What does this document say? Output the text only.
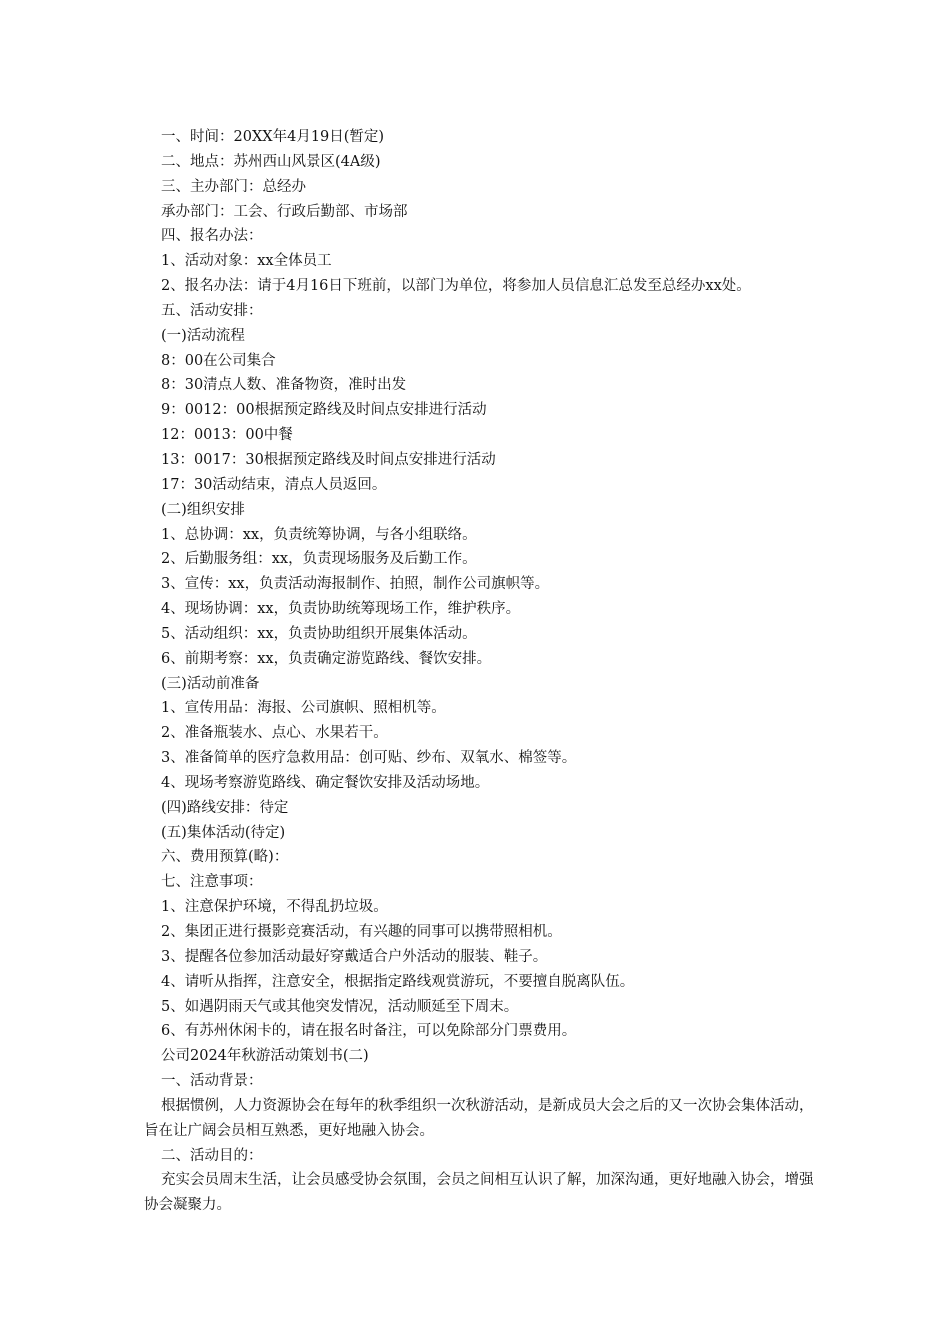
一、时间：20XX年4月19日(暂定)
二、地点：苏州西山风景区(4A级)
三、主办部门：总经办
承办部门：工会、行政后勤部、市场部
四、报名办法：
1、活动对象：xx全体员工
2、报名办法：请于4月16日下班前，以部门为单位，将参加人员信息汇总发至总经办xx处。
五、活动安排：
(一)活动流程
8：00在公司集合
8：30清点人数、准备物资，准时出发
9：0012：00根据预定路线及时间点安排进行活动
12：0013：00中餐
13：0017：30根据预定路线及时间点安排进行活动
17：30活动结束，清点人员返回。
(二)组织安排
1、总协调：xx，负责统筹协调，与各小组联络。
2、后勤服务组：xx，负责现场服务及后勤工作。
3、宣传：xx，负责活动海报制作、拍照，制作公司旗帜等。
4、现场协调：xx，负责协助统筹现场工作，维护秩序。
5、活动组织：xx，负责协助组织开展集体活动。
6、前期考察：xx，负责确定游览路线、餐饮安排。
(三)活动前准备
1、宣传用品：海报、公司旗帜、照相机等。
2、准备瓶装水、点心、水果若干。
3、准备简单的医疗急救用品：创可贴、纱布、双氧水、棉签等。
4、现场考察游览路线、确定餐饮安排及活动场地。
(四)路线安排：待定
(五)集体活动(待定)
六、费用预算(略)：
七、注意事项：
1、注意保护环境，不得乱扔垃圾。
2、集团正进行摄影竞赛活动，有兴趣的同事可以携带照相机。
3、提醒各位参加活动最好穿戴适合户外活动的服装、鞋子。
4、请听从指挥，注意安全，根据指定路线观赏游玩，不要擅自脱离队伍。
5、如遇阴雨天气或其他突发情况，活动顺延至下周末。
6、有苏州休闲卡的，请在报名时备注，可以免除部分门票费用。
公司2024年秋游活动策划书(二)
一、活动背景：
根据惯例，人力资源协会在每年的秋季组织一次秋游活动，是新成员大会之后的又一次协会集体活动，旨在让广阔会员相互熟悉，更好地融入协会。
二、活动目的：
充实会员周末生活，让会员感受协会氛围，会员之间相互认识了解，加深沟通，更好地融入协会，增强协会凝聚力。
